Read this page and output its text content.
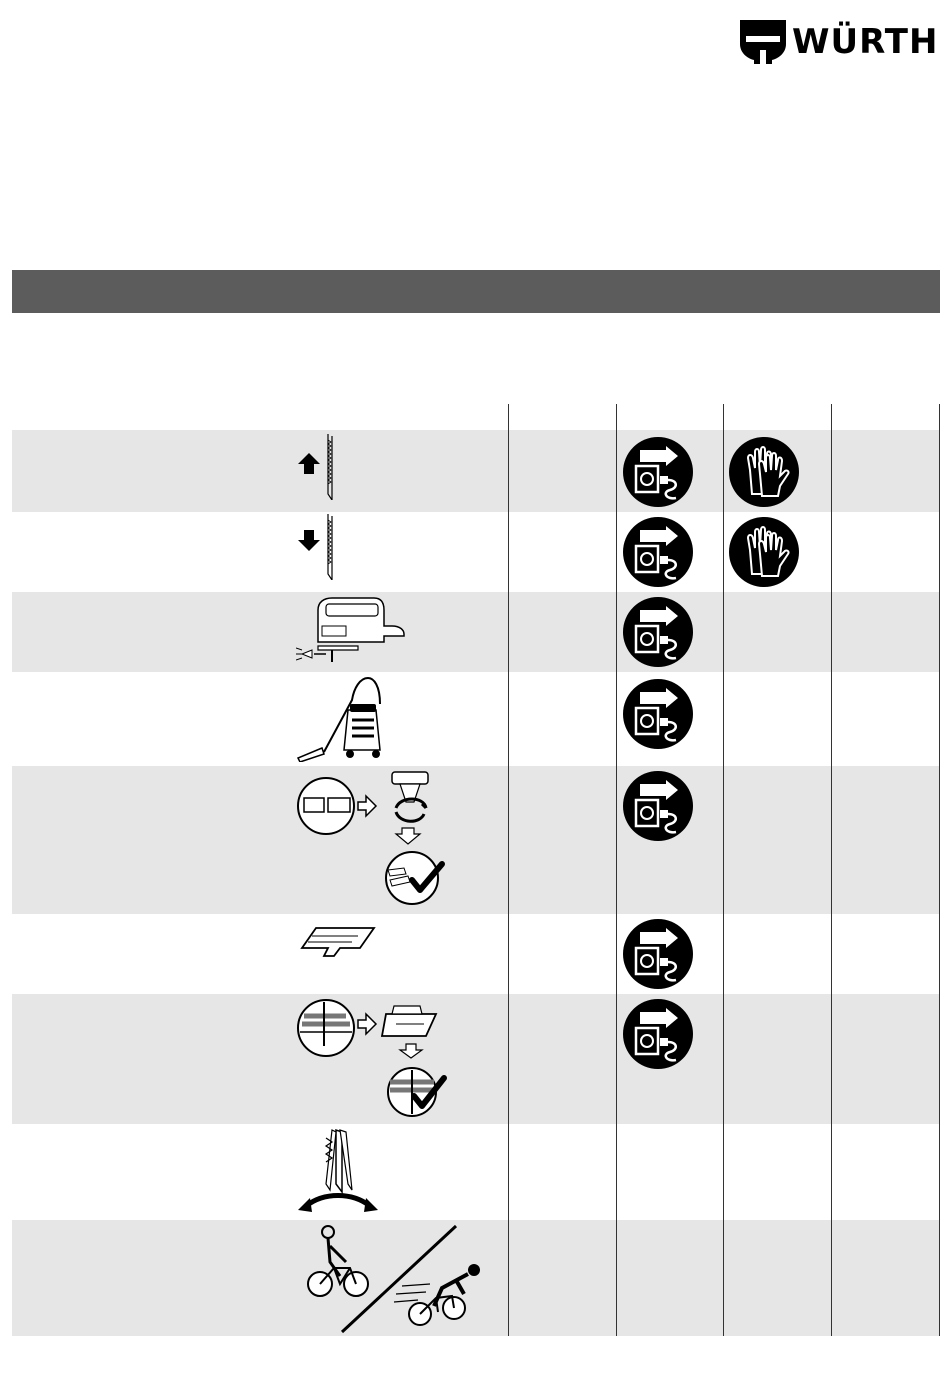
WÜRTH
